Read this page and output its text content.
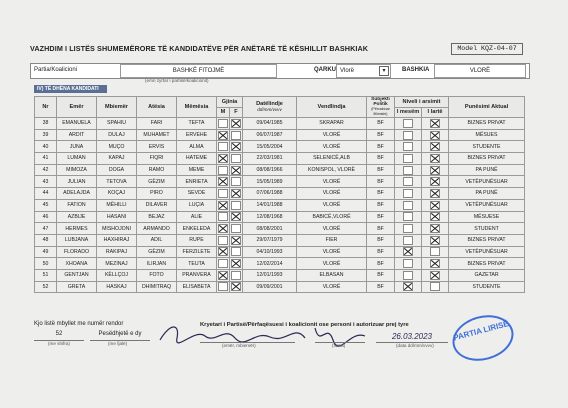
VAZHDIM I LISTËS SHUMEMËRORE TË KANDIDATËVE PËR ANËTARË TË KËSHILLIT BASHKIAK	Model KQZ-04-07
Partia/Koalicioni	BASHKË FITOJMË
(emri zyrtar i partisë/koalicionit)
QARKU Vlorë	▾	BASHKIA	VLORË
IV) TË DHËNA KANDIDATI
Nr	Emër	Mbiemër	Atësia	Mëmësia	Gjinia		Datëlindje
dd/mm/vvvv	Vendlindja	Subjekti Politik
(Përcaktuar fillimisht)	Niveli i arsimit		Punësimi Aktual
					M	F				I mesëm	I lartë	
38	EMANUELA	SPAHIU	FARI	TEFTA			09/04/1985	SKRAPAR	BF			BIZNES PRIVAT
39	ARDIT	DULAJ	MUHAMET	ERVEHE			06/07/1987	VLORË	BF			MËSUES
40	JUNA	MUÇO	ERVIS	ALMA			15/05/2004	VLORË	BF			STUDENTE
41	LUMAN	KAPAJ	FIQRI	HATEME			22/03/1981	SELENICË,ALB	BF			BIZNES PRIVAT
42	MIMOZA	DOGA	RAMO	MEME			08/08/1966	KONISPOL, VLORË	BF			PA PUNË
43	JULIAN	TETOVA	GËZIM	ENRIETA			15/05/1989	VLORË	BF			VETËPUNËSUAR
44	ADELAJDA	KOÇAJ	PIRO	SEVDE			07/06/1988	VLORË	BF			PA PUNË
45	FATION	MËHILLI	DILAVER	LUÇIA			14/01/1988	VLORË	BF			VETËPUNËSUAR
46	AZBIJE	HASANI	BEJAZ	ALIE			12/08/1968	BABICË,VLORË	BF			MËSUESE
47	HERMES	MISHOJONI	ARMANDO	ENKELEDA			08/08/2001	VLORË	BF			STUDENT
48	LUBJANA	HAXHIRAJ	ADIL	RUPE			29/07/1979	FIER	BF			BIZNES PRIVAT
49	FLORADO	RAKIPAJ	GËZIM	FERZILETE			04/10/1993	VLORË	BF			VETËPUNËSUAR
50	XHOANA	MEZINAJ	ILIRJAN	TEUTA			12/02/2014	VLORË	BF			BIZNES PRIVAT
51	GENTJAN	KËLLÇOJ	FOTO	PRANVERA			12/01/1993	ELBASAN	BF			GAZETAR
52	GRETA	HASKAJ	DHIMITRAQ	ELISABETA			09/09/2001	VLORË	BF			STUDENTE
Kjo listë mbyllet me numër rendor
52	Pesëdhjetë e dy
(me shifra)	(me fjalë)
Kryetari i Partisë/Përfaqësuesi i koalicionit ose personi i autorizuar prej tyre
(emër, mbiemër)	(firma)
26.03.2023
(data dd/mm/vvvv)
PARTIA LIRISË
